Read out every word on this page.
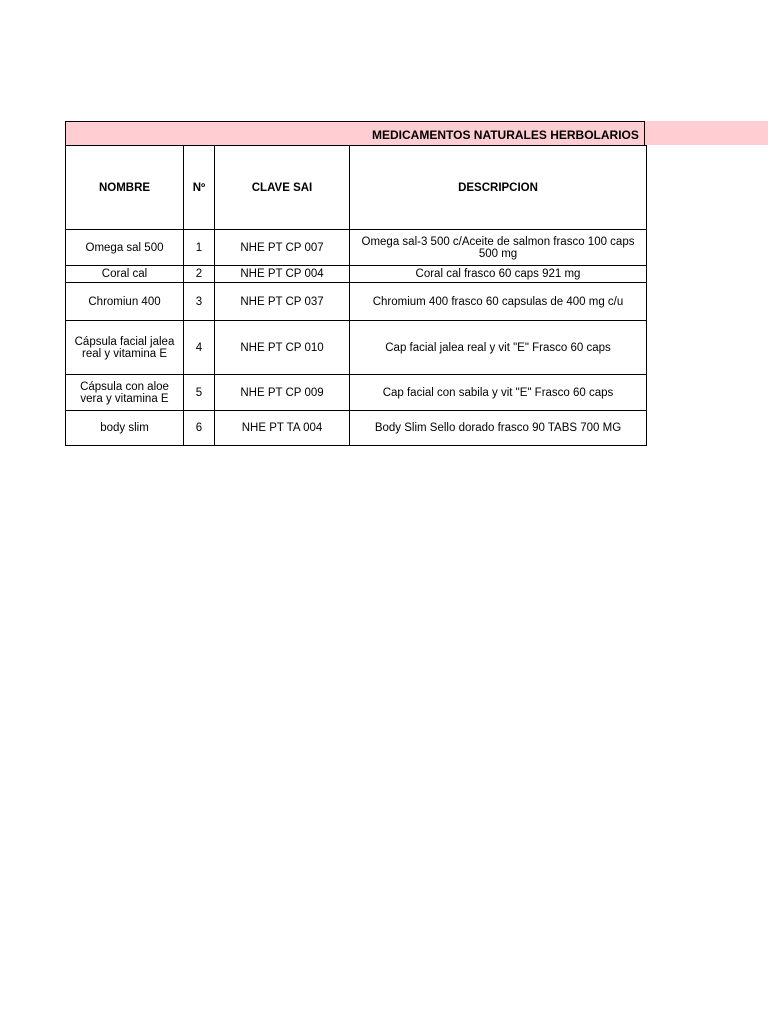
MEDICAMENTOS NATURALES HERBOLARIOS
NOMBRE	Nº	CLAVE SAI	DESCRIPCION
Omega sal 500	1	NHE PT CP 007	Omega sal-3 500 c/Aceite de salmon frasco 100 caps 500 mg
Coral cal	2	NHE PT CP 004	Coral cal frasco 60 caps 921 mg
Chromiun 400	3	NHE PT CP 037	Chromium 400 frasco 60 capsulas de 400 mg c/u
Cápsula facial jalea real y vitamina E	4	NHE PT CP 010	Cap facial jalea real y vit "E" Frasco 60 caps
Cápsula con aloe vera y vitamina E	5	NHE PT CP 009	Cap facial con sabila y vit "E" Frasco 60 caps
body slim	6	NHE PT TA 004	Body Slim Sello dorado frasco 90 TABS 700 MG
